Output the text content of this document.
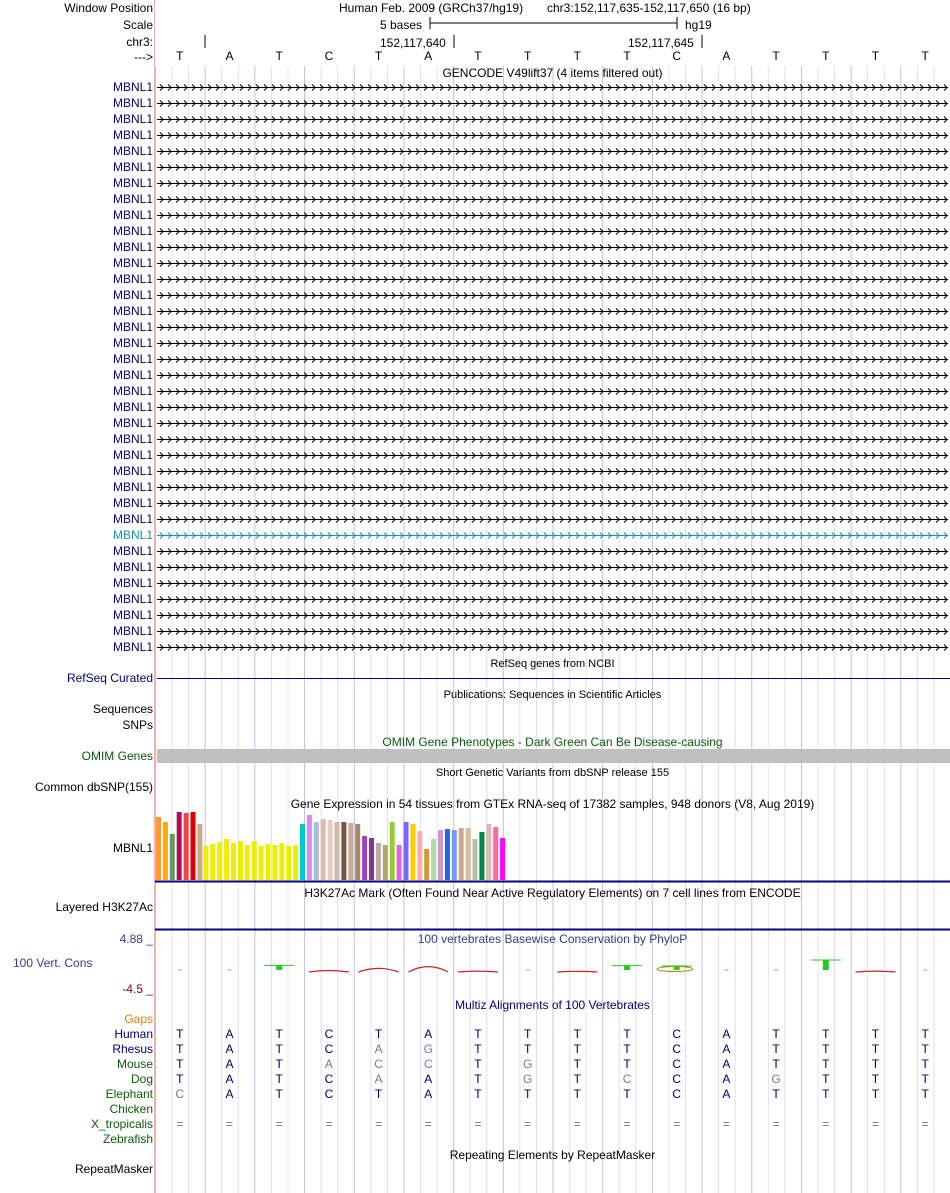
Window Position
Scale
chr3:
--->
Human Feb. 2009 (GRCh37/hg19) chr3:152,117,635-152,117,650 (16 bp)
5 bases	hg19
152,117,640	152,117,645
T	A	T	C	T	A	T	T	T	T	C	A	T	T	T	T
GENCODE V49lift37 (4 items filtered out)
MBNL1
MBNL1
MBNL1
MBNL1
MBNL1
MBNL1
MBNL1
MBNL1
MBNL1
MBNL1
MBNL1
MBNL1
MBNL1
MBNL1
MBNL1
MBNL1
MBNL1
MBNL1
MBNL1
MBNL1
MBNL1
MBNL1
MBNL1
MBNL1
MBNL1
MBNL1
MBNL1
MBNL1
MBNL1
MBNL1
MBNL1
MBNL1
MBNL1
MBNL1
MBNL1
MBNL1
RefSeq genes from NCBI
RefSeq Curated
Publications: Sequences in Scientific Articles
Sequences
SNPs
OMIM Gene Phenotypes - Dark Green Can Be Disease-causing
OMIM Genes
Short Genetic Variants from dbSNP release 155
Common dbSNP(155)
Gene Expression in 54 tissues from GTEx RNA-seq of 17382 samples, 948 donors (V8, Aug 2019)
MBNL1
H3K27Ac Mark (Often Found Near Active Regulatory Elements) on 7 cell lines from ENCODE
Layered H3K27Ac
100 vertebrates Basewise Conservation by PhyloP
4.88 _
100 Vert. Cons
-4.5 _
Multiz Alignments of 100 Vertebrates
Gaps
Human	T	A	T	C	T	A	T	T	T	T	C	A	T	T	T	T
Rhesus	T	A	T	C	A	G	T	T	T	T	C	A	T	T	T	T
Mouse	T	A	T	A	C	C	T	G	T	T	C	A	T	T	T	T
Dog	T	A	T	C	A	A	T	G	T	C	C	A	G	T	T	T
Elephant	C	A	T	C	T	A	T	T	T	T	C	A	T	T	T	T
Chicken
X_tropicalis	=	=	=	=	=	=	=	=	=	=	=	=	=	=	=	=
Zebrafish
Repeating Elements by RepeatMasker
RepeatMasker
